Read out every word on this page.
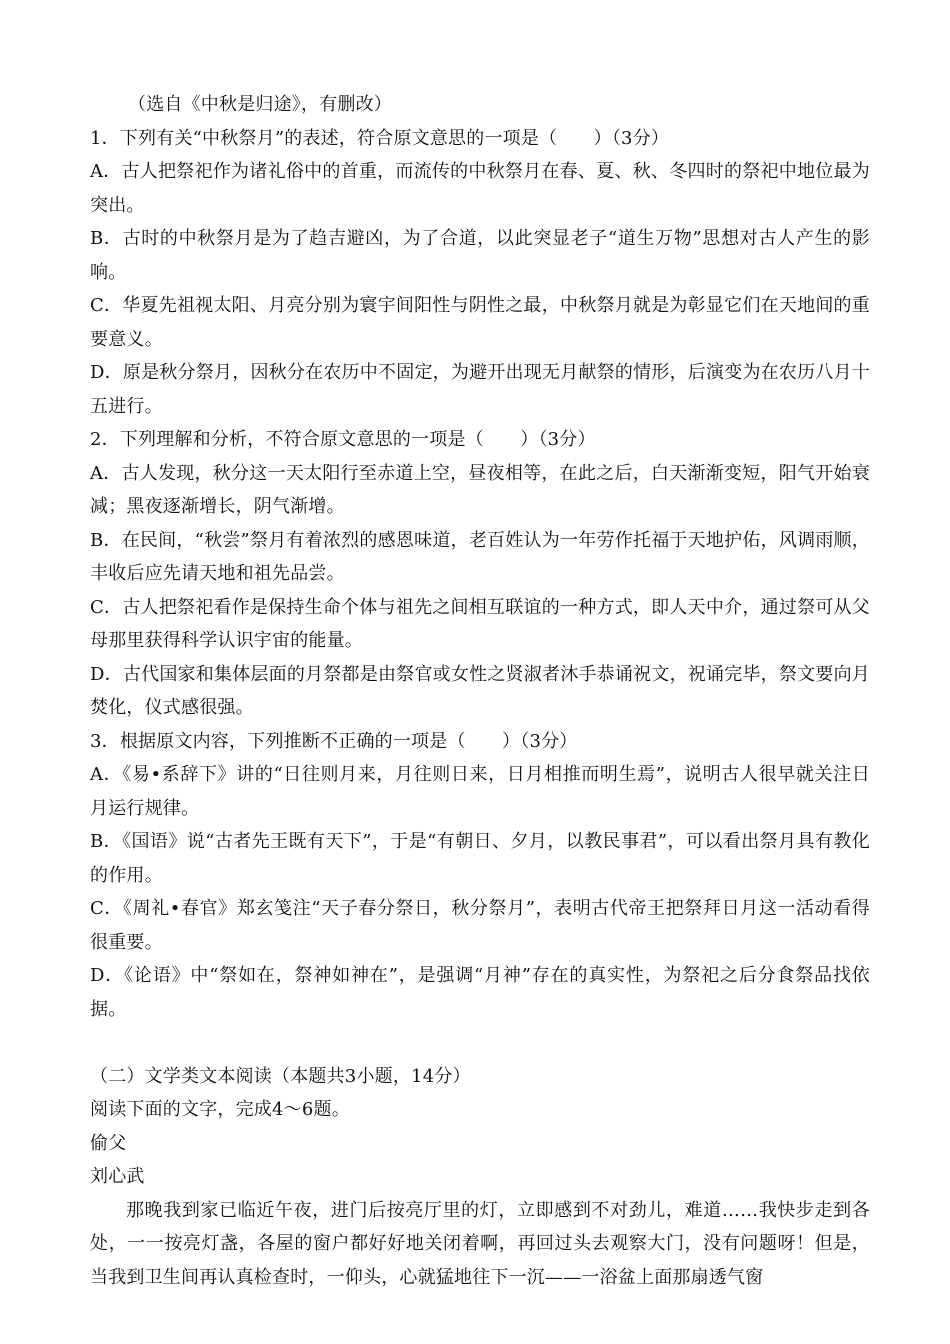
（选自《中秋是归途》，有删改）
1．下列有关“中秋祭月”的表述，符合原文意思的一项是（　　）（3分）
A．古人把祭祀作为诸礼俗中的首重，而流传的中秋祭月在春、夏、秋、冬四时的祭祀中地位最为突出。
B．古时的中秋祭月是为了趋吉避凶，为了合道，以此突显老子“道生万物”思想对古人产生的影响。
C．华夏先祖视太阳、月亮分别为寰宇间阳性与阴性之最，中秋祭月就是为彰显它们在天地间的重要意义。
D．原是秋分祭月，因秋分在农历中不固定，为避开出现无月献祭的情形，后演变为在农历八月十五进行。
2．下列理解和分析，不符合原文意思的一项是（　　）（3分）
A．古人发现，秋分这一天太阳行至赤道上空，昼夜相等，在此之后，白天渐渐变短，阳气开始衰减；黑夜逐渐增长，阴气渐增。
B．在民间，“秋尝”祭月有着浓烈的感恩味道，老百姓认为一年劳作托福于天地护佑，风调雨顺，丰收后应先请天地和祖先品尝。
C．古人把祭祀看作是保持生命个体与祖先之间相互联谊的一种方式，即人天中介，通过祭可从父母那里获得科学认识宇宙的能量。
D．古代国家和集体层面的月祭都是由祭官或女性之贤淑者沐手恭诵祝文，祝诵完毕，祭文要向月焚化，仪式感很强。
3．根据原文内容，下列推断不正确的一项是（　　）（3分）
A．《易•系辞下》讲的“日往则月来，月往则日来，日月相推而明生焉”，说明古人很早就关注日月运行规律。
B．《国语》说“古者先王既有天下”，于是“有朝日、夕月，以教民事君”，可以看出祭月具有教化的作用。
C．《周礼•春官》郑玄笺注“天子春分祭日，秋分祭月”，表明古代帝王把祭拜日月这一活动看得很重要。
D．《论语》中“祭如在，祭神如神在”，是强调“月神”存在的真实性，为祭祀之后分食祭品找依据。
（二）文学类文本阅读（本题共3小题，14分）
阅读下面的文字，完成4～6题。
偷父
刘心武
那晚我到家已临近午夜，进门后按亮厅里的灯，立即感到不对劲儿，难道……我快步走到各处，一一按亮灯盏，各屋的窗户都好好地关闭着啊，再回过头去观察大门，没有问题呀！但是，当我到卫生间再认真检查时，一仰头，心就猛地往下一沉——一浴盆上面那扇透气窗
